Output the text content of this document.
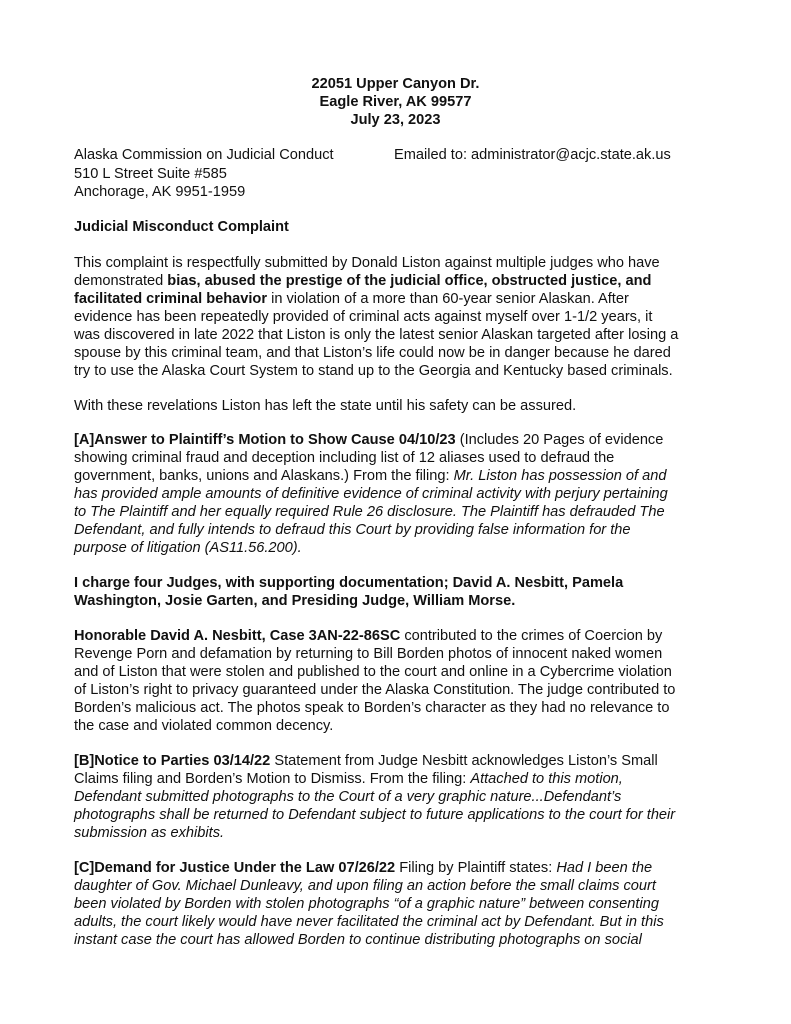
22051 Upper Canyon Dr.
Eagle River, AK 99577
July 23, 2023
Alaska Commission on Judicial Conduct
510 L Street Suite #585
Anchorage, AK 9951-1959
Emailed to: administrator@acjc.state.ak.us
Judicial Misconduct Complaint
This complaint is respectfully submitted by Donald Liston against multiple judges who have
demonstrated bias, abused the prestige of the judicial office, obstructed justice, and
facilitated criminal behavior in violation of a more than 60-year senior Alaskan. After
evidence has been repeatedly provided of criminal acts against myself over 1-1/2 years, it
was discovered in late 2022 that Liston is only the latest senior Alaskan targeted after losing a
spouse by this criminal team, and that Liston’s life could now be in danger because he dared
try to use the Alaska Court System to stand up to the Georgia and Kentucky based criminals.
With these revelations Liston has left the state until his safety can be assured.
[A]Answer to Plaintiff’s Motion to Show Cause 04/10/23 (Includes 20 Pages of evidence
showing criminal fraud and deception including list of 12 aliases used to defraud the
government, banks, unions and Alaskans.) From the filing: Mr. Liston has possession of and
has provided ample amounts of definitive evidence of criminal activity with perjury pertaining
to The Plaintiff and her equally required Rule 26 disclosure. The Plaintiff has defrauded The
Defendant, and fully intends to defraud this Court by providing false information for the
purpose of litigation (AS11.56.200).
I charge four Judges, with supporting documentation; David A. Nesbitt, Pamela
Washington, Josie Garten, and Presiding Judge, William Morse.
Honorable David A. Nesbitt, Case 3AN-22-86SC contributed to the crimes of Coercion by
Revenge Porn and defamation by returning to Bill Borden photos of innocent naked women
and of Liston that were stolen and published to the court and online in a Cybercrime violation
of Liston’s right to privacy guaranteed under the Alaska Constitution. The judge contributed to
Borden’s malicious act. The photos speak to Borden’s character as they had no relevance to
the case and violated common decency.
[B]Notice to Parties 03/14/22 Statement from Judge Nesbitt acknowledges Liston’s Small
Claims filing and Borden’s Motion to Dismiss. From the filing: Attached to this motion,
Defendant submitted photographs to the Court of a very graphic nature...Defendant’s
photographs shall be returned to Defendant subject to future applications to the court for their
submission as exhibits.
[C]Demand for Justice Under the Law 07/26/22 Filing by Plaintiff states: Had I been the
daughter of Gov. Michael Dunleavy, and upon filing an action before the small claims court
been violated by Borden with stolen photographs “of a graphic nature” between consenting
adults, the court likely would have never facilitated the criminal act by Defendant. But in this
instant case the court has allowed Borden to continue distributing photographs on social
